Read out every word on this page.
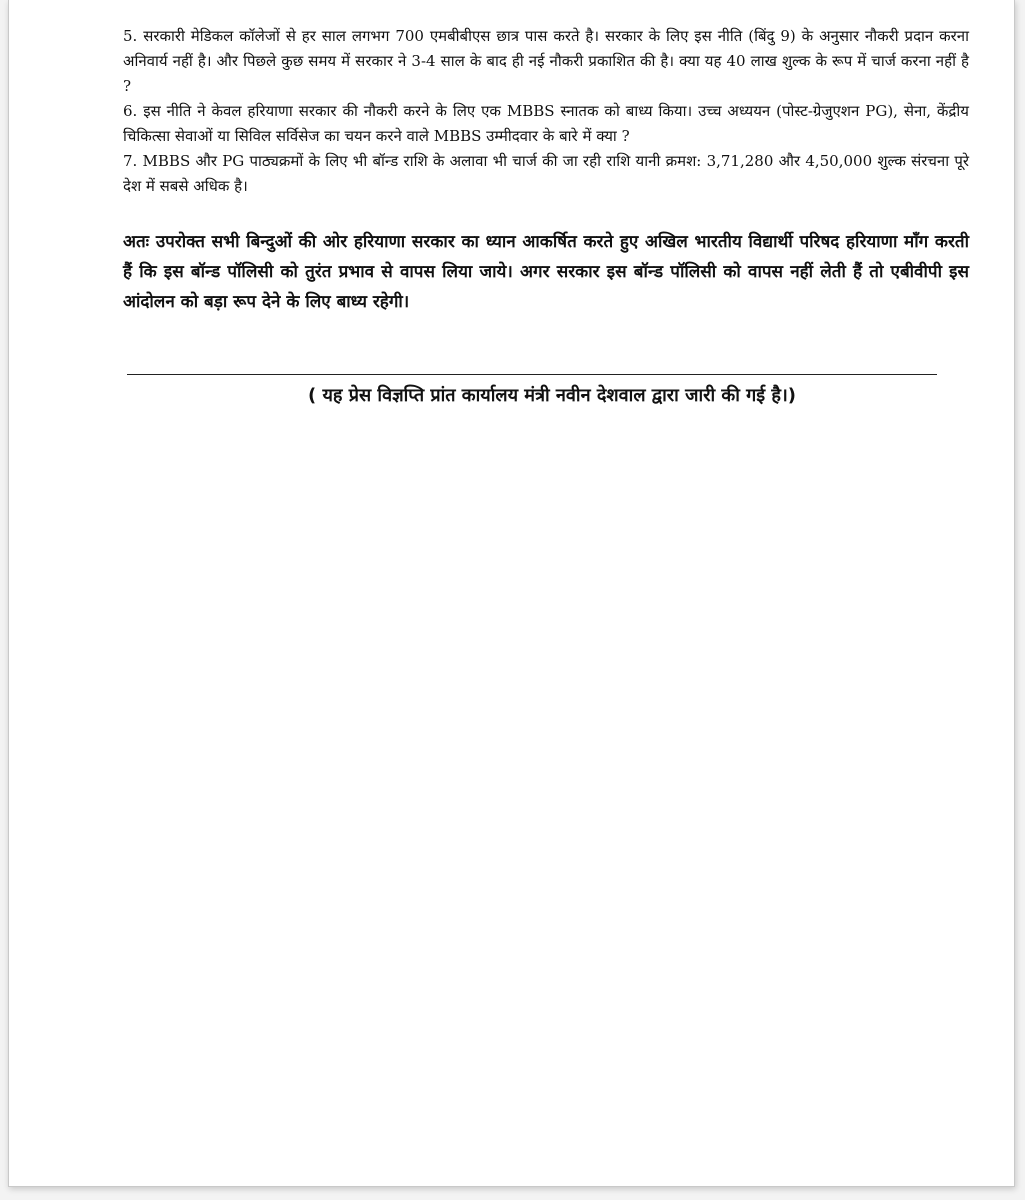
5. सरकारी मेडिकल कॉलेजों से हर साल लगभग 700 एमबीबीएस छात्र पास करते है। सरकार के लिए इस नीति (बिंदु 9) के अनुसार नौकरी प्रदान करना अनिवार्य नहीं है। और पिछले कुछ समय में सरकार ने 3-4 साल के बाद ही नई नौकरी प्रकाशित की है। क्या यह 40 लाख शुल्क के रूप में चार्ज करना नहीं है ?

6. इस नीति ने केवल हरियाणा सरकार की नौकरी करने के लिए एक MBBS स्नातक को बाध्य किया। उच्च अध्ययन (पोस्ट-ग्रेजुएशन PG), सेना, केंद्रीय चिकित्सा सेवाओं या सिविल सर्विसेज का चयन करने वाले MBBS उम्मीदवार के बारे में क्या ?

7. MBBS और PG पाठ्यक्रमों के लिए भी बॉन्ड राशि के अलावा भी चार्ज की जा रही राशि यानी क्रमश: 3,71,280 और 4,50,000 शुल्क संरचना पूरे देश में सबसे अधिक है।

अतः उपरोक्त सभी बिन्दुओं की ओर हरियाणा सरकार का ध्यान आकर्षित करते हुए अखिल भारतीय विद्यार्थी परिषद हरियाणा माँग करती हैं कि इस बॉन्ड पॉलिसी को तुरंत प्रभाव से वापस लिया जाये। अगर सरकार इस बॉन्ड पॉलिसी को वापस नहीं लेती हैं तो एबीवीपी इस आंदोलन को बड़ा रूप देने के लिए बाध्य रहेगी।

( यह प्रेस विज्ञप्ति प्रांत कार्यालय मंत्री नवीन देशवाल द्वारा जारी की गई है।)
